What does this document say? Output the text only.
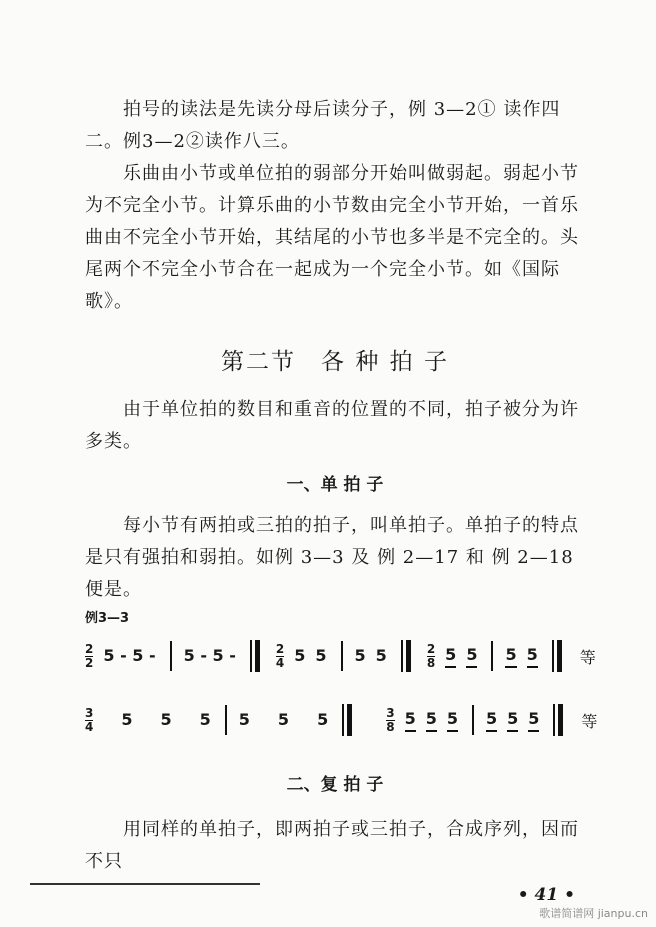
　　拍号的读法是先读分母后读分子，例 3—2① 读作四二。例3—2②读作八三。

　　乐曲由小节或单位拍的弱部分开始叫做弱起。弱起小节为不完全小节。计算乐曲的小节数由完全小节开始，一首乐曲由不完全小节开始，其结尾的小节也多半是不完全的。头尾两个不完全小节合在一起成为一个完全小节。如《国际歌》。

第二节　各 种 拍 子

　　由于单位拍的数目和重音的位置的不同，拍子被分为许多类。

一、单 拍 子

　　每小节有两拍或三拍的拍子，叫单拍子。单拍子的特点是只有强拍和弱拍。如例 3—3 及 例 2—17 和 例 2—18 便是。

例3—3
2
2 5 - 5 - 5 - 5 -	2
4 5 5 5 5	2
8 5 5 5 5	等
3
4 5 5 5 5 5 5	3
8 5 5 5 5 5 5	等
二、复 拍 子

　　用同样的单拍子，即两拍子或三拍子，合成序列，因而不只

• 41 •
歌谱简谱网 jianpu.cn
